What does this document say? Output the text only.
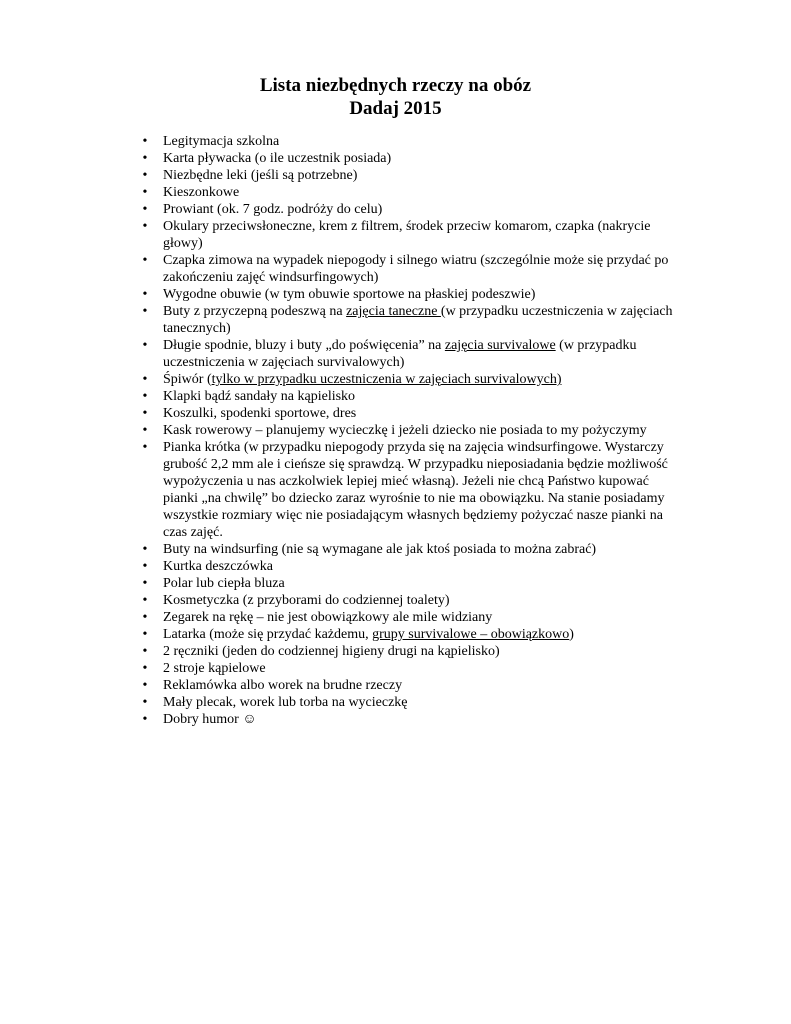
Lista niezbędnych rzeczy na obóz
Dadaj 2015
• Legitymacja szkolna
• Karta pływacka (o ile uczestnik posiada)
• Niezbędne leki (jeśli są potrzebne)
• Kieszonkowe
• Prowiant (ok. 7 godz. podróży do celu)
• Okulary przeciwsłoneczne, krem z filtrem, środek przeciw komarom, czapka (nakrycie głowy)
• Czapka zimowa na wypadek niepogody i silnego wiatru (szczególnie może się przydać po zakończeniu zajęć windsurfingowych)
• Wygodne obuwie (w tym obuwie sportowe na płaskiej podeszwie)
• Buty z przyczepną podeszwą na zajęcia taneczne (w przypadku uczestniczenia w zajęciach tanecznych)
• Długie spodnie, bluzy i buty „do poświęcenia” na zajęcia survivalowe (w przypadku uczestniczenia w zajęciach survivalowych)
• Śpiwór (tylko w przypadku uczestniczenia w zajęciach survivalowych)
• Klapki bądź sandały na kąpielisko
• Koszulki, spodenki sportowe, dres
• Kask rowerowy – planujemy wycieczkę i jeżeli dziecko nie posiada to my pożyczymy
• Pianka krótka (w przypadku niepogody przyda się na zajęcia windsurfingowe. Wystarczy grubość 2,2 mm ale i cieńsze się sprawdzą. W przypadku nieposiadania będzie możliwość wypożyczenia u nas aczkolwiek lepiej mieć własną). Jeżeli nie chcą Państwo kupować pianki „na chwilę” bo dziecko zaraz wyrośnie to nie ma obowiązku. Na stanie posiadamy wszystkie rozmiary więc nie posiadającym własnych będziemy pożyczać nasze pianki na czas zajęć.
• Buty na windsurfing (nie są wymagane ale jak ktoś posiada to można zabrać)
• Kurtka deszczówka
• Polar lub ciepła bluza
• Kosmetyczka (z przyborami do codziennej toalety)
• Zegarek na rękę – nie jest obowiązkowy ale mile widziany
• Latarka (może się przydać każdemu, grupy survivalowe – obowiązkowo)
• 2 ręczniki (jeden do codziennej higieny drugi na kąpielisko)
• 2 stroje kąpielowe
• Reklamówka albo worek na brudne rzeczy
• Mały plecak, worek lub torba na wycieczkę
• Dobry humor ☺
